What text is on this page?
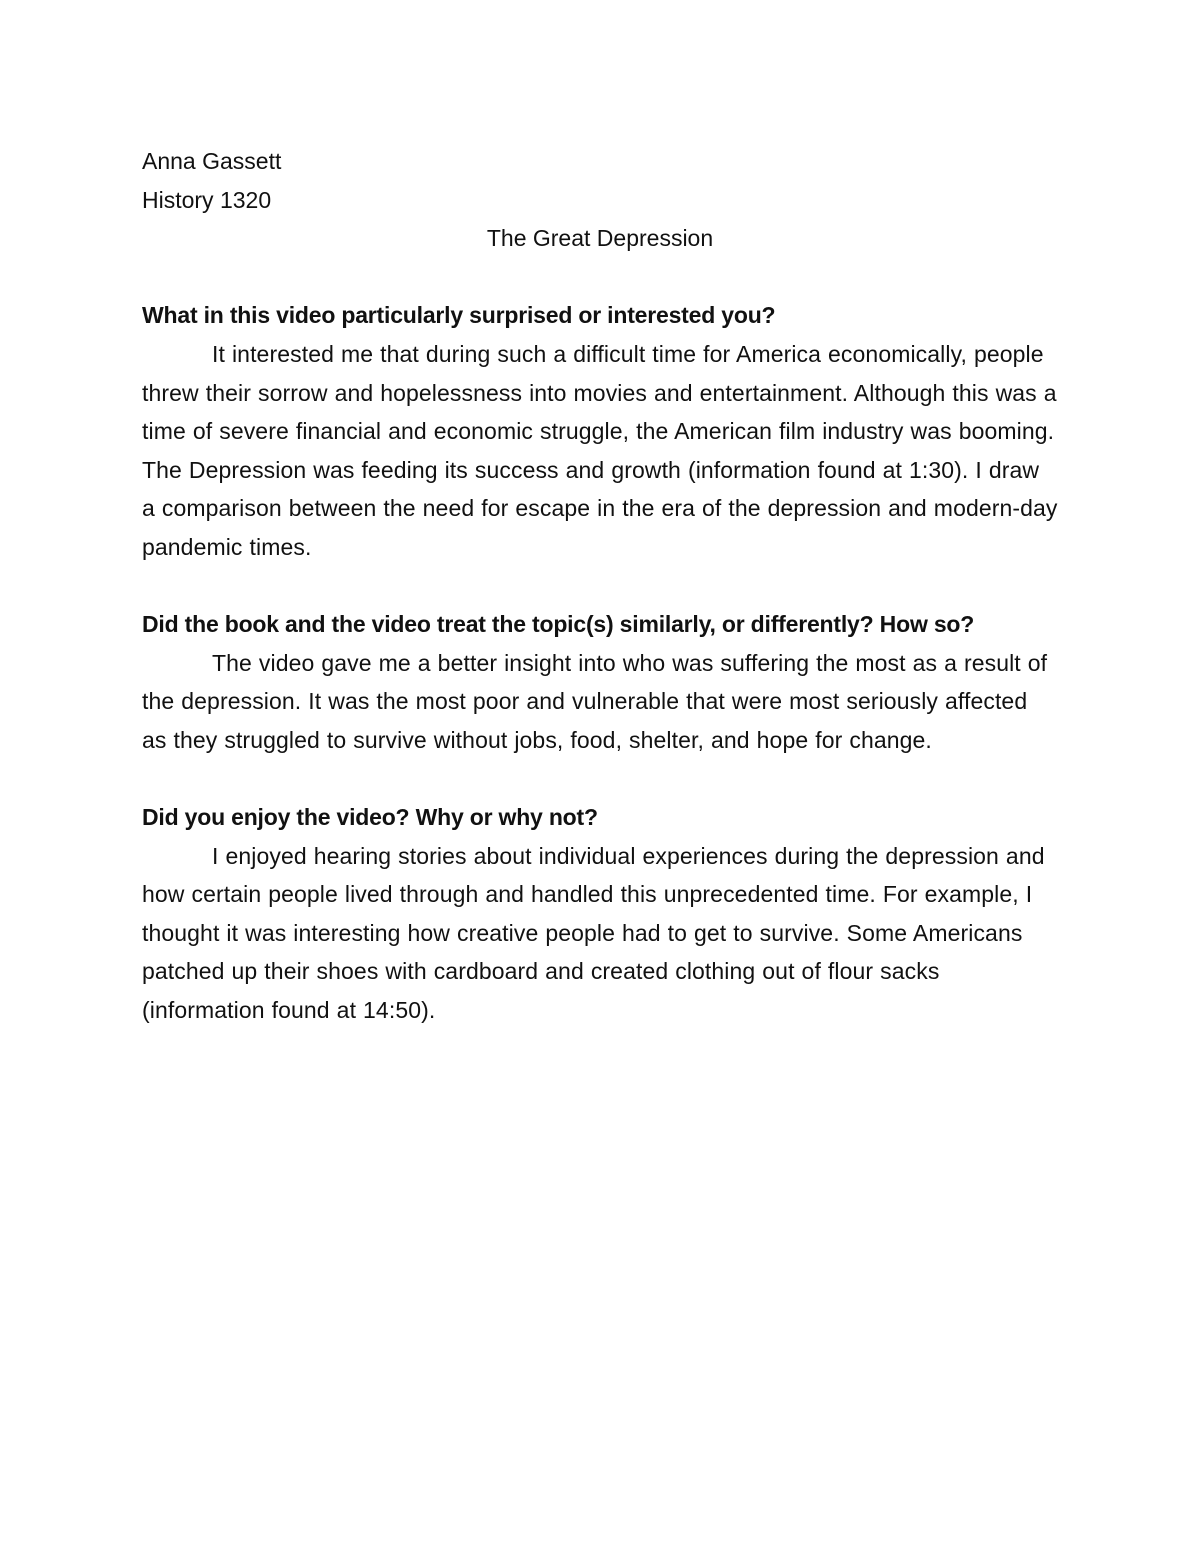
Anna Gassett
History 1320
The Great Depression
What in this video particularly surprised or interested you?
It interested me that during such a difficult time for America economically, people threw their sorrow and hopelessness into movies and entertainment. Although this was a time of severe financial and economic struggle, the American film industry was booming. The Depression was feeding its success and growth (information found at 1:30). I draw a comparison between the need for escape in the era of the depression and modern-day pandemic times.
Did the book and the video treat the topic(s) similarly, or differently? How so?
The video gave me a better insight into who was suffering the most as a result of the depression. It was the most poor and vulnerable that were most seriously affected as they struggled to survive without jobs, food, shelter, and hope for change.
Did you enjoy the video? Why or why not?
I enjoyed hearing stories about individual experiences during the depression and how certain people lived through and handled this unprecedented time. For example, I thought it was interesting how creative people had to get to survive. Some Americans patched up their shoes with cardboard and created clothing out of flour sacks (information found at 14:50).
